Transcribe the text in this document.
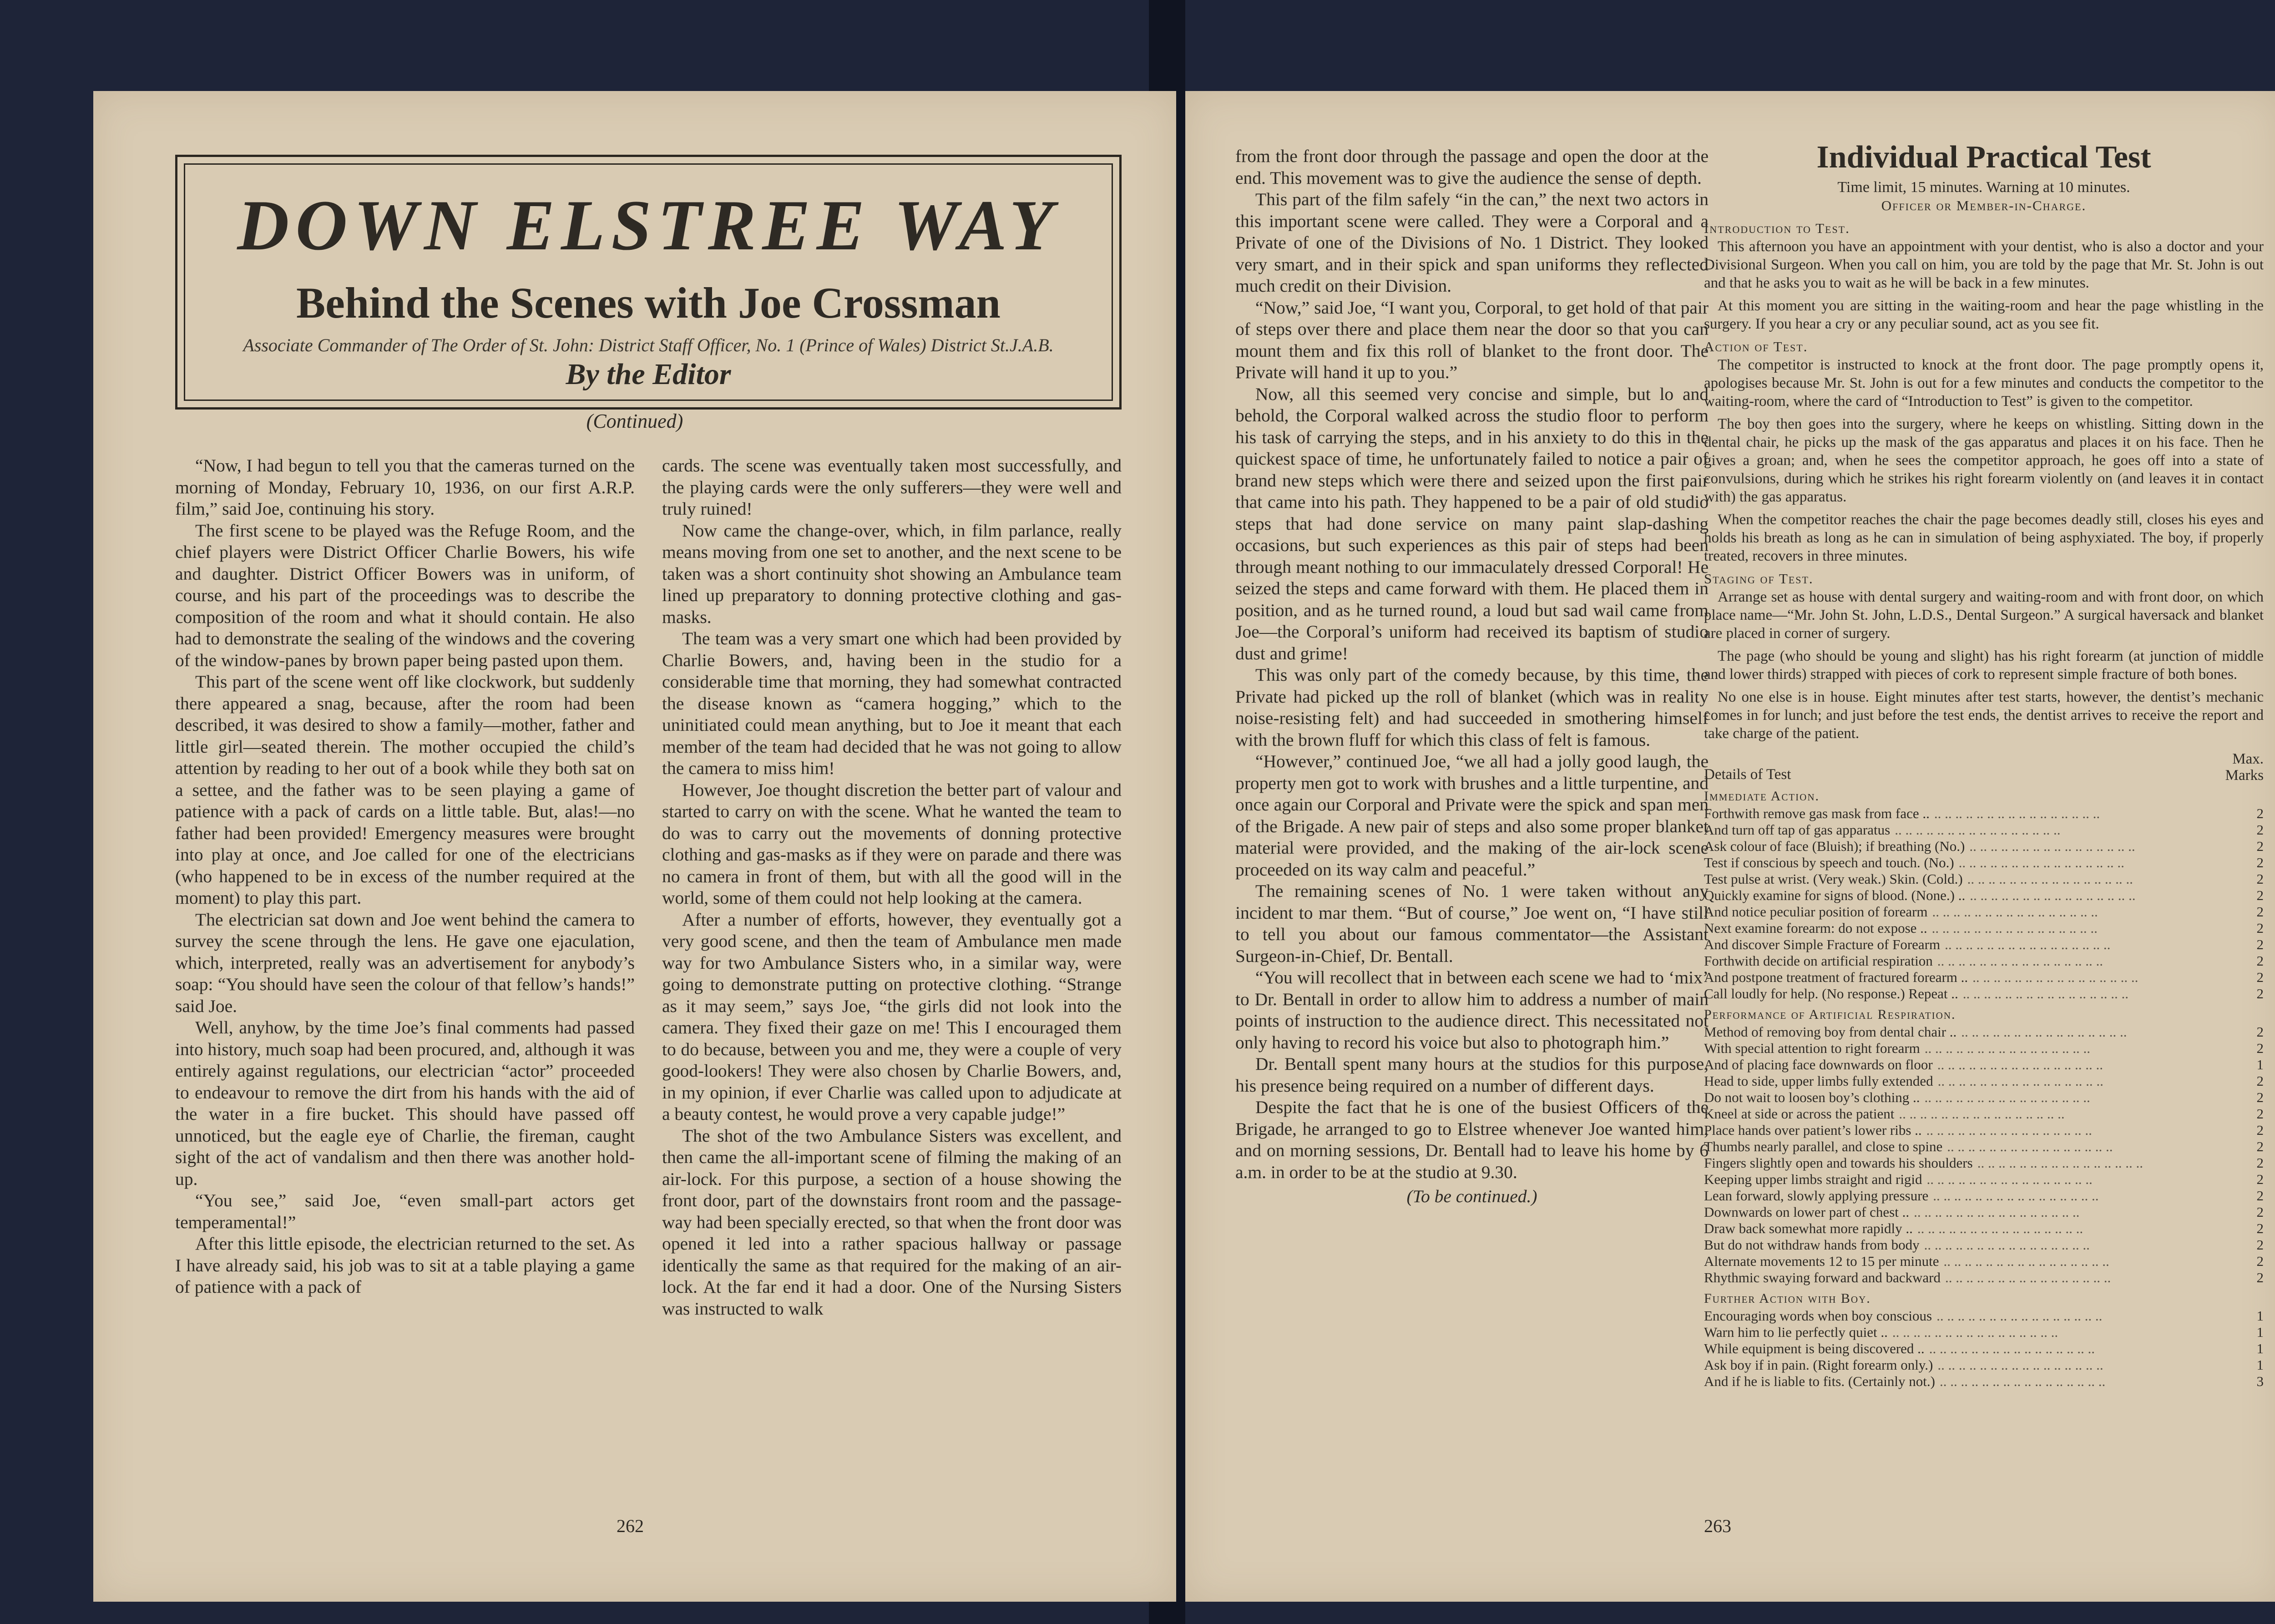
DOWN ELSTREE WAY
Behind the Scenes with Joe Crossman
Associate Commander of The Order of St. John: District Staff Officer, No. 1 (Prince of Wales) District St.J.A.B.
By the Editor
(Continued)

“Now, I had begun to tell you that the cameras turned on the morning of Monday, February 10, 1936, on our first A.R.P. film,” said Joe, continuing his story.

The first scene to be played was the Refuge Room, and the chief players were District Officer Charlie Bowers, his wife and daughter. District Officer Bowers was in uniform, of course, and his part of the proceedings was to describe the composition of the room and what it should contain. He also had to demonstrate the sealing of the windows and the covering of the window-panes by brown paper being pasted upon them.

This part of the scene went off like clockwork, but suddenly there appeared a snag, because, after the room had been described, it was desired to show a family—mother, father and little girl—seated therein. The mother occupied the child’s attention by reading to her out of a book while they both sat on a settee, and the father was to be seen playing a game of patience with a pack of cards on a little table. But, alas!—no father had been provided! Emergency measures were brought into play at once, and Joe called for one of the electricians (who happened to be in excess of the number required at the moment) to play this part.

The electrician sat down and Joe went behind the camera to survey the scene through the lens. He gave one ejaculation, which, interpreted, really was an advertisement for anybody’s soap: “You should have seen the colour of that fellow’s hands!” said Joe.

Well, anyhow, by the time Joe’s final comments had passed into history, much soap had been procured, and, although it was entirely against regulations, our electrician “actor” proceeded to endeavour to remove the dirt from his hands with the aid of the water in a fire bucket. This should have passed off unnoticed, but the eagle eye of Charlie, the fireman, caught sight of the act of vandalism and then there was another hold-up.

“You see,” said Joe, “even small-part actors get temperamental!”

After this little episode, the electrician returned to the set. As I have already said, his job was to sit at a table playing a game of patience with a pack of

cards. The scene was eventually taken most successfully, and the playing cards were the only sufferers—they were well and truly ruined!

Now came the change-over, which, in film parlance, really means moving from one set to another, and the next scene to be taken was a short continuity shot showing an Ambulance team lined up preparatory to donning protective clothing and gas-masks.

The team was a very smart one which had been provided by Charlie Bowers, and, having been in the studio for a considerable time that morning, they had somewhat contracted the disease known as “camera hogging,” which to the uninitiated could mean anything, but to Joe it meant that each member of the team had decided that he was not going to allow the camera to miss him!

However, Joe thought discretion the better part of valour and started to carry on with the scene. What he wanted the team to do was to carry out the movements of donning protective clothing and gas-masks as if they were on parade and there was no camera in front of them, but with all the good will in the world, some of them could not help looking at the camera.

After a number of efforts, however, they eventually got a very good scene, and then the team of Ambulance men made way for two Ambulance Sisters who, in a similar way, were going to demonstrate putting on protective clothing. “Strange as it may seem,” says Joe, “the girls did not look into the camera. They fixed their gaze on me! This I encouraged them to do because, between you and me, they were a couple of very good-lookers! They were also chosen by Charlie Bowers, and, in my opinion, if ever Charlie was called upon to adjudicate at a beauty contest, he would prove a very capable judge!”

The shot of the two Ambulance Sisters was excellent, and then came the all-important scene of filming the making of an air-lock. For this purpose, a section of a house showing the front door, part of the downstairs front room and the passage-way had been specially erected, so that when the front door was opened it led into a rather spacious hallway or passage identically the same as that required for the making of an air-lock. At the far end it had a door. One of the Nursing Sisters was instructed to walk

262

from the front door through the passage and open the door at the end. This movement was to give the audience the sense of depth.

This part of the film safely “in the can,” the next two actors in this important scene were called. They were a Corporal and a Private of one of the Divisions of No. 1 District. They looked very smart, and in their spick and span uniforms they reflected much credit on their Division.

“Now,” said Joe, “I want you, Corporal, to get hold of that pair of steps over there and place them near the door so that you can mount them and fix this roll of blanket to the front door. The Private will hand it up to you.”

Now, all this seemed very concise and simple, but lo and behold, the Corporal walked across the studio floor to perform his task of carrying the steps, and in his anxiety to do this in the quickest space of time, he unfortunately failed to notice a pair of brand new steps which were there and seized upon the first pair that came into his path. They happened to be a pair of old studio steps that had done service on many paint slap-dashing occasions, but such experiences as this pair of steps had been through meant nothing to our immaculately dressed Corporal! He seized the steps and came forward with them. He placed them in position, and as he turned round, a loud but sad wail came from Joe—the Corporal’s uniform had received its baptism of studio dust and grime!

This was only part of the comedy because, by this time, the Private had picked up the roll of blanket (which was in reality noise-resisting felt) and had succeeded in smothering himself with the brown fluff for which this class of felt is famous.

“However,” continued Joe, “we all had a jolly good laugh, the property men got to work with brushes and a little turpentine, and once again our Corporal and Private were the spick and span men of the Brigade. A new pair of steps and also some proper blanket material were provided, and the making of the air-lock scene proceeded on its way calm and peaceful.”

The remaining scenes of No. 1 were taken without any incident to mar them. “But of course,” Joe went on, “I have still to tell you about our famous commentator—the Assistant Surgeon-in-Chief, Dr. Bentall.

“You will recollect that in between each scene we had to ‘mix’ to Dr. Bentall in order to allow him to address a number of main points of instruction to the audience direct. This necessitated not only having to record his voice but also to photograph him.”

Dr. Bentall spent many hours at the studios for this purpose, his presence being required on a number of different days.

Despite the fact that he is one of the busiest Officers of the Brigade, he arranged to go to Elstree whenever Joe wanted him, and on morning sessions, Dr. Bentall had to leave his home by 6 a.m. in order to be at the studio at 9.30.

(To be continued.)

Individual Practical Test
Time limit, 15 minutes. Warning at 10 minutes.
Officer or Member-in-Charge.
Introduction to Test.

This afternoon you have an appointment with your dentist, who is also a doctor and your Divisional Surgeon. When you call on him, you are told by the page that Mr. St. John is out and that he asks you to wait as he will be back in a few minutes.

At this moment you are sitting in the waiting-room and hear the page whistling in the surgery. If you hear a cry or any peculiar sound, act as you see fit.

Action of Test.

The competitor is instructed to knock at the front door. The page promptly opens it, apologises because Mr. St. John is out for a few minutes and conducts the competitor to the waiting-room, where the card of “Introduction to Test” is given to the competitor.

The boy then goes into the surgery, where he keeps on whistling. Sitting down in the dental chair, he picks up the mask of the gas apparatus and places it on his face. Then he gives a groan; and, when he sees the competitor approach, he goes off into a state of convulsions, during which he strikes his right forearm violently on (and leaves it in contact with) the gas apparatus.

When the competitor reaches the chair the page becomes deadly still, closes his eyes and holds his breath as long as he can in simulation of being asphyxiated. The boy, if properly treated, recovers in three minutes.

Staging of Test.

Arrange set as house with dental surgery and waiting-room and with front door, on which place name—“Mr. John St. John, L.D.S., Dental Surgeon.” A surgical haversack and blanket are placed in corner of surgery.

The page (who should be young and slight) has his right forearm (at junction of middle and lower thirds) strapped with pieces of cork to represent simple fracture of both bones.

No one else is in house. Eight minutes after test starts, however, the dentist’s mechanic comes in for lunch; and just before the test ends, the dentist arrives to receive the report and take charge of the patient.

Details of Test
Max.
Marks
Immediate Action.
Forthwith remove gas mask from face .. .. .. .. .. .. .. .. .. .. .. .. .. .. .. .. ..	2
And turn off tap of gas apparatus .. .. .. .. .. .. .. .. .. .. .. .. .. .. .. ..	2
Ask colour of face (Bluish); if breathing (No.) .. .. .. .. .. .. .. .. .. .. .. .. .. .. .. ..	2
Test if conscious by speech and touch. (No.) .. .. .. .. .. .. .. .. .. .. .. .. .. .. .. ..	2
Test pulse at wrist. (Very weak.) Skin. (Cold.) .. .. .. .. .. .. .. .. .. .. .. .. .. .. .. ..	2
Quickly examine for signs of blood. (None.) .. .. .. .. .. .. .. .. .. .. .. .. .. .. .. .. ..	2
And notice peculiar position of forearm .. .. .. .. .. .. .. .. .. .. .. .. .. .. .. ..	2
Next examine forearm: do not expose .. .. .. .. .. .. .. .. .. .. .. .. .. .. .. .. ..	2
And discover Simple Fracture of Forearm .. .. .. .. .. .. .. .. .. .. .. .. .. .. .. ..	2
Forthwith decide on artificial respiration .. .. .. .. .. .. .. .. .. .. .. .. .. .. .. ..	2
And postpone treatment of fractured forearm .. .. .. .. .. .. .. .. .. .. .. .. .. .. .. .. ..	2
Call loudly for help. (No response.) Repeat .. .. .. .. .. .. .. .. .. .. .. .. .. .. .. .. ..	2
Performance of Artificial Respiration.
Method of removing boy from dental chair .. .. .. .. .. .. .. .. .. .. .. .. .. .. .. .. ..	2
With special attention to right forearm .. .. .. .. .. .. .. .. .. .. .. .. .. .. .. ..	2
And of placing face downwards on floor .. .. .. .. .. .. .. .. .. .. .. .. .. .. .. ..	1
Head to side, upper limbs fully extended .. .. .. .. .. .. .. .. .. .. .. .. .. .. .. ..	2
Do not wait to loosen boy’s clothing .. .. .. .. .. .. .. .. .. .. .. .. .. .. .. .. ..	2
Kneel at side or across the patient .. .. .. .. .. .. .. .. .. .. .. .. .. .. .. ..	2
Place hands over patient’s lower ribs .. .. .. .. .. .. .. .. .. .. .. .. .. .. .. .. ..	2
Thumbs nearly parallel, and close to spine .. .. .. .. .. .. .. .. .. .. .. .. .. .. .. ..	2
Fingers slightly open and towards his shoulders .. .. .. .. .. .. .. .. .. .. .. .. .. .. .. ..	2
Keeping upper limbs straight and rigid .. .. .. .. .. .. .. .. .. .. .. .. .. .. .. ..	2
Lean forward, slowly applying pressure .. .. .. .. .. .. .. .. .. .. .. .. .. .. .. ..	2
Downwards on lower part of chest .. .. .. .. .. .. .. .. .. .. .. .. .. .. .. .. ..	2
Draw back somewhat more rapidly .. .. .. .. .. .. .. .. .. .. .. .. .. .. .. .. ..	2
But do not withdraw hands from body .. .. .. .. .. .. .. .. .. .. .. .. .. .. .. ..	2
Alternate movements 12 to 15 per minute .. .. .. .. .. .. .. .. .. .. .. .. .. .. .. ..	2
Rhythmic swaying forward and backward .. .. .. .. .. .. .. .. .. .. .. .. .. .. .. ..	2
Further Action with Boy.
Encouraging words when boy conscious .. .. .. .. .. .. .. .. .. .. .. .. .. .. .. ..	1
Warn him to lie perfectly quiet .. .. .. .. .. .. .. .. .. .. .. .. .. .. .. .. ..	1
While equipment is being discovered .. .. .. .. .. .. .. .. .. .. .. .. .. .. .. .. ..	1
Ask boy if in pain. (Right forearm only.) .. .. .. .. .. .. .. .. .. .. .. .. .. .. .. ..	1
And if he is liable to fits. (Certainly not.) .. .. .. .. .. .. .. .. .. .. .. .. .. .. .. ..	3
263
